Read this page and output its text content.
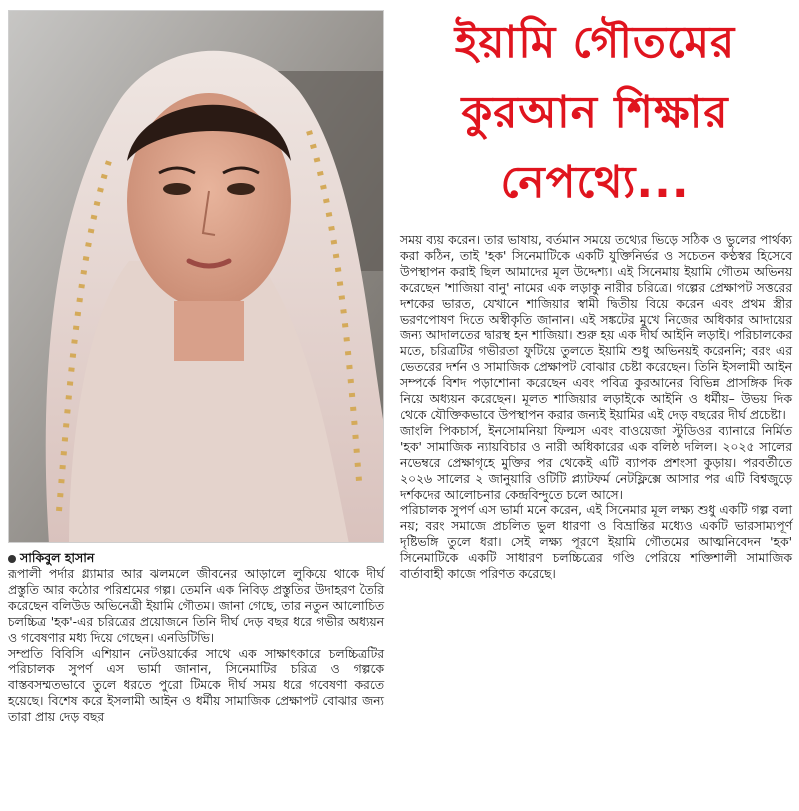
ইয়ামি গৌতমের
কুরআন শিক্ষার
নেপথ্যে...
সাকিবুল হাসান

রূপালী পর্দার গ্ল্যামার আর ঝলমলে জীবনের আড়ালে লুকিয়ে থাকে দীর্ঘ প্রস্তুতি আর কঠোর পরিশ্রমের গল্প। তেমনি এক নিবিড় প্রস্তুতির উদাহরণ তৈরি করেছেন বলিউড অভিনেত্রী ইয়ামি গৌতম। জানা গেছে, তার নতুন আলোচিত চলচ্চিত্র 'হক'-এর চরিত্রের প্রয়োজনে তিনি দীর্ঘ দেড় বছর ধরে গভীর অধ্যয়ন ও গবেষণার মধ্য দিয়ে গেছেন। এনডিটিভি।

সম্প্রতি বিবিসি এশিয়ান নেটওয়ার্কের সাথে এক সাক্ষাৎকারে চলচ্চিত্রটির পরিচালক সুপর্ণ এস ভার্মা জানান, সিনেমাটির চরিত্র ও গল্পকে বাস্তবসম্মতভাবে তুলে ধরতে পুরো টিমকে দীর্ঘ সময় ধরে গবেষণা করতে হয়েছে। বিশেষ করে ইসলামী আইন ও ধর্মীয় সামাজিক প্রেক্ষাপট বোঝার জন্য তারা প্রায় দেড় বছর

সময় ব্যয় করেন। তার ভাষায়, বর্তমান সময়ে তথ্যের ভিড়ে সঠিক ও ভুলের পার্থক্য করা কঠিন, তাই 'হক' সিনেমাটিকে একটি যুক্তিনির্ভর ও সচেতন কণ্ঠস্বর হিসেবে উপস্থাপন করাই ছিল আমাদের মূল উদ্দেশ্য। এই সিনেমায় ইয়ামি গৌতম অভিনয় করেছেন 'শাজিয়া বানু' নামের এক লড়াকু নারীর চরিত্রে। গল্পের প্রেক্ষাপট সত্তরের দশকের ভারত, যেখানে শাজিয়ার স্বামী দ্বিতীয় বিয়ে করেন এবং প্রথম স্ত্রীর ভরণপোষণ দিতে অস্বীকৃতি জানান। এই সঙ্কটের মুখে নিজের অধিকার আদায়ের জন্য আদালতের দ্বারস্থ হন শাজিয়া। শুরু হয় এক দীর্ঘ আইনি লড়াই। পরিচালকের মতে, চরিত্রটির গভীরতা ফুটিয়ে তুলতে ইয়ামি শুধু অভিনয়ই করেননি; বরং এর ভেতরের দর্শন ও সামাজিক প্রেক্ষাপট বোঝার চেষ্টা করেছেন। তিনি ইসলামী আইন সম্পর্কে বিশদ পড়াশোনা করেছেন এবং পবিত্র কুরআনের বিভিন্ন প্রাসঙ্গিক দিক নিয়ে অধ্যয়ন করেছেন। মূলত শাজিয়ার লড়াইকে আইনি ও ধর্মীয়– উভয় দিক থেকে যৌক্তিকভাবে উপস্থাপন করার জন্যই ইয়ামির এই দেড় বছরের দীর্ঘ প্রচেষ্টা।

জাংলি পিকচার্স, ইনসোমনিয়া ফিল্মস এবং বাওয়েজা স্টুডিওর ব্যানারে নির্মিত 'হক' সামাজিক ন্যায়বিচার ও নারী অধিকারের এক বলিষ্ঠ দলিল। ২০২৫ সালের নভেম্বরে প্রেক্ষাগৃহে মুক্তির পর থেকেই এটি ব্যাপক প্রশংসা কুড়ায়। পরবর্তীতে ২০২৬ সালের ২ জানুয়ারি ওটিটি প্ল্যাটফর্ম নেটফ্লিক্সে আসার পর এটি বিশ্বজুড়ে দর্শকদের আলোচনার কেন্দ্রবিন্দুতে চলে আসে।

পরিচালক সুপর্ণ এস ভার্মা মনে করেন, এই সিনেমার মূল লক্ষ্য শুধু একটি গল্প বলা নয়; বরং সমাজে প্রচলিত ভুল ধারণা ও বিভ্রান্তির মধ্যেও একটি ভারসাম্যপূর্ণ দৃষ্টিভঙ্গি তুলে ধরা। সেই লক্ষ্য পূরণে ইয়ামি গৌতমের আত্মনিবেদন 'হক' সিনেমাটিকে একটি সাধারণ চলচ্চিত্রের গণ্ডি পেরিয়ে শক্তিশালী সামাজিক বার্তাবাহী কাজে পরিণত করেছে।
